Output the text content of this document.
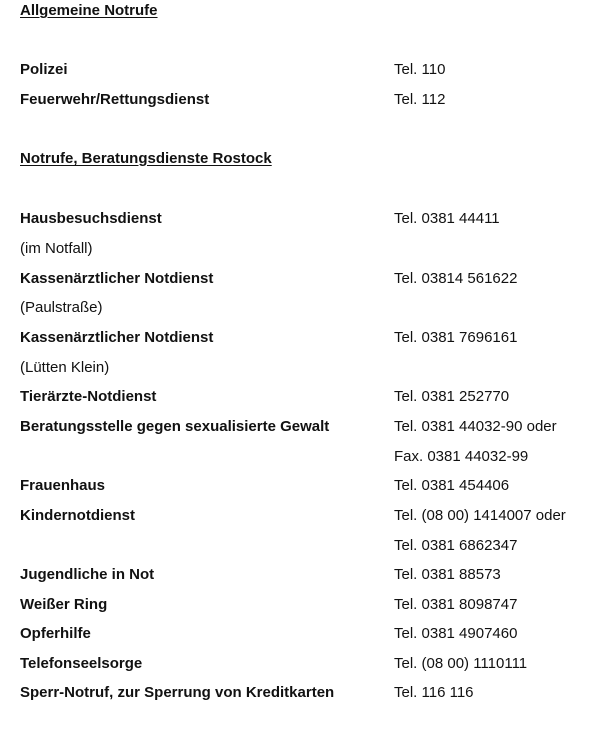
Allgemeine Notrufe
Polizei	Tel. 110
Feuerwehr/Rettungsdienst	Tel. 112
Notrufe, Beratungsdienste Rostock
Hausbesuchsdienst	Tel. 0381 44411
(im Notfall)
Kassenärztlicher Notdienst	Tel. 03814 561622
(Paulstraße)
Kassenärztlicher Notdienst	Tel. 0381 7696161
(Lütten Klein)
Tierärzte-Notdienst	Tel. 0381 252770
Beratungsstelle gegen sexualisierte Gewalt	Tel. 0381 44032-90 oder
Fax. 0381 44032-99
Frauenhaus	Tel. 0381 454406
Kindernotdienst	Tel. (08 00) 1414007 oder
Tel. 0381 6862347
Jugendliche in Not	Tel. 0381 88573
Weißer Ring	Tel. 0381 8098747
Opferhilfe	Tel. 0381 4907460
Telefonseelsorge	Tel. (08 00) 1110111
Sperr-Notruf, zur Sperrung von Kreditkarten	Tel. 116 116
